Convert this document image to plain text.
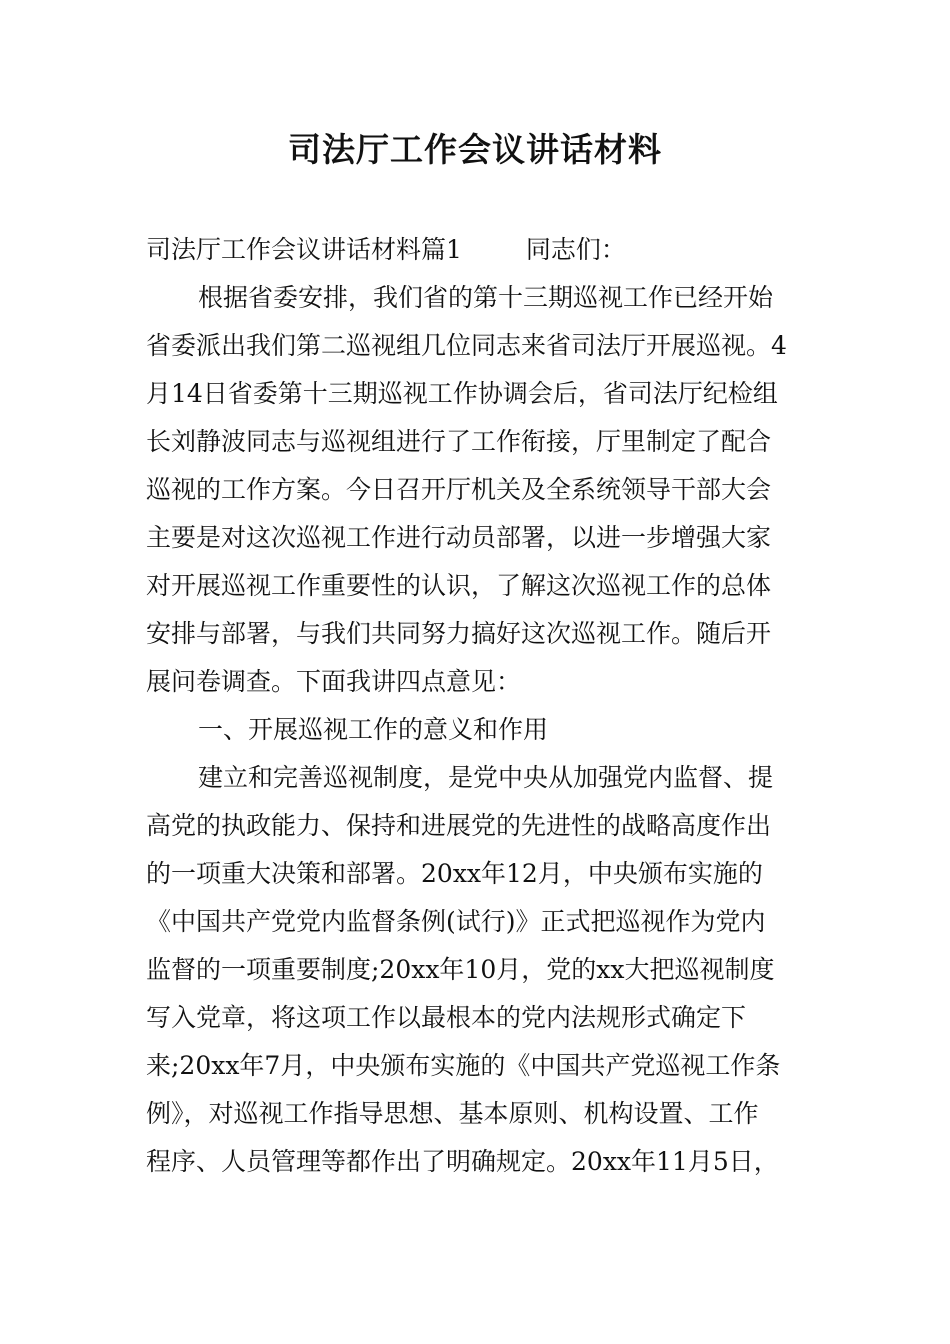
司法厅工作会议讲话材料
司法厅工作会议讲话材料篇1	同志们：
根据省委安排，我们省的第十三期巡视工作已经开始
省委派出我们第二巡视组几位同志来省司法厅开展巡视。4
月14日省委第十三期巡视工作协调会后，省司法厅纪检组
长刘静波同志与巡视组进行了工作衔接，厅里制定了配合
巡视的工作方案。今日召开厅机关及全系统领导干部大会
主要是对这次巡视工作进行动员部署，以进一步增强大家
对开展巡视工作重要性的认识，了解这次巡视工作的总体
安排与部署，与我们共同努力搞好这次巡视工作。随后开
展问卷调查。下面我讲四点意见：
一、开展巡视工作的意义和作用
建立和完善巡视制度，是党中央从加强党内监督、提
高党的执政能力、保持和进展党的先进性的战略高度作出
的一项重大决策和部署。20xx年12月，中央颁布实施的
《中国共产党党内监督条例(试行)》正式把巡视作为党内
监督的一项重要制度;20xx年10月，党的xx大把巡视制度
写入党章，将这项工作以最根本的党内法规形式确定下
来;20xx年7月，中央颁布实施的《中国共产党巡视工作条
例》，对巡视工作指导思想、基本原则、机构设置、工作
程序、人员管理等都作出了明确规定。20xx年11月5日，
